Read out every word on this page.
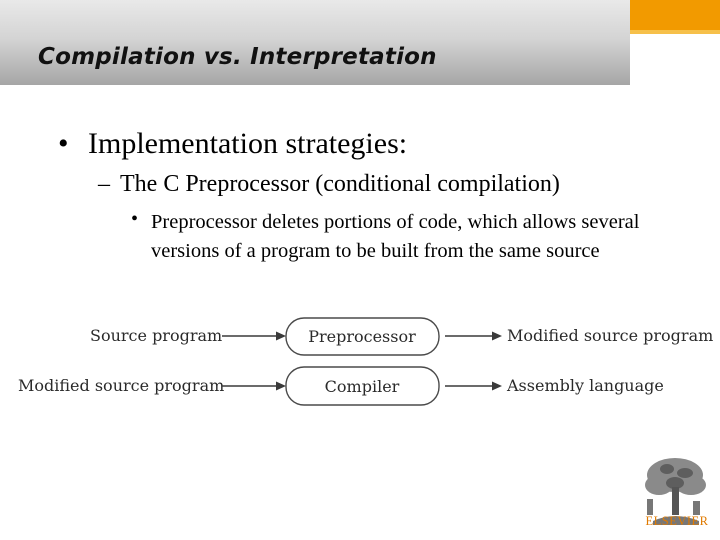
Compilation vs. Interpretation
• Implementation strategies:
– The C Preprocessor (conditional compilation)
• Preprocessor deletes portions of code, which allows several versions of a program to be built from the same source
Source program	Preprocessor	Modified source program
Modified source program	Compiler	Assembly language
ELSEVIER
